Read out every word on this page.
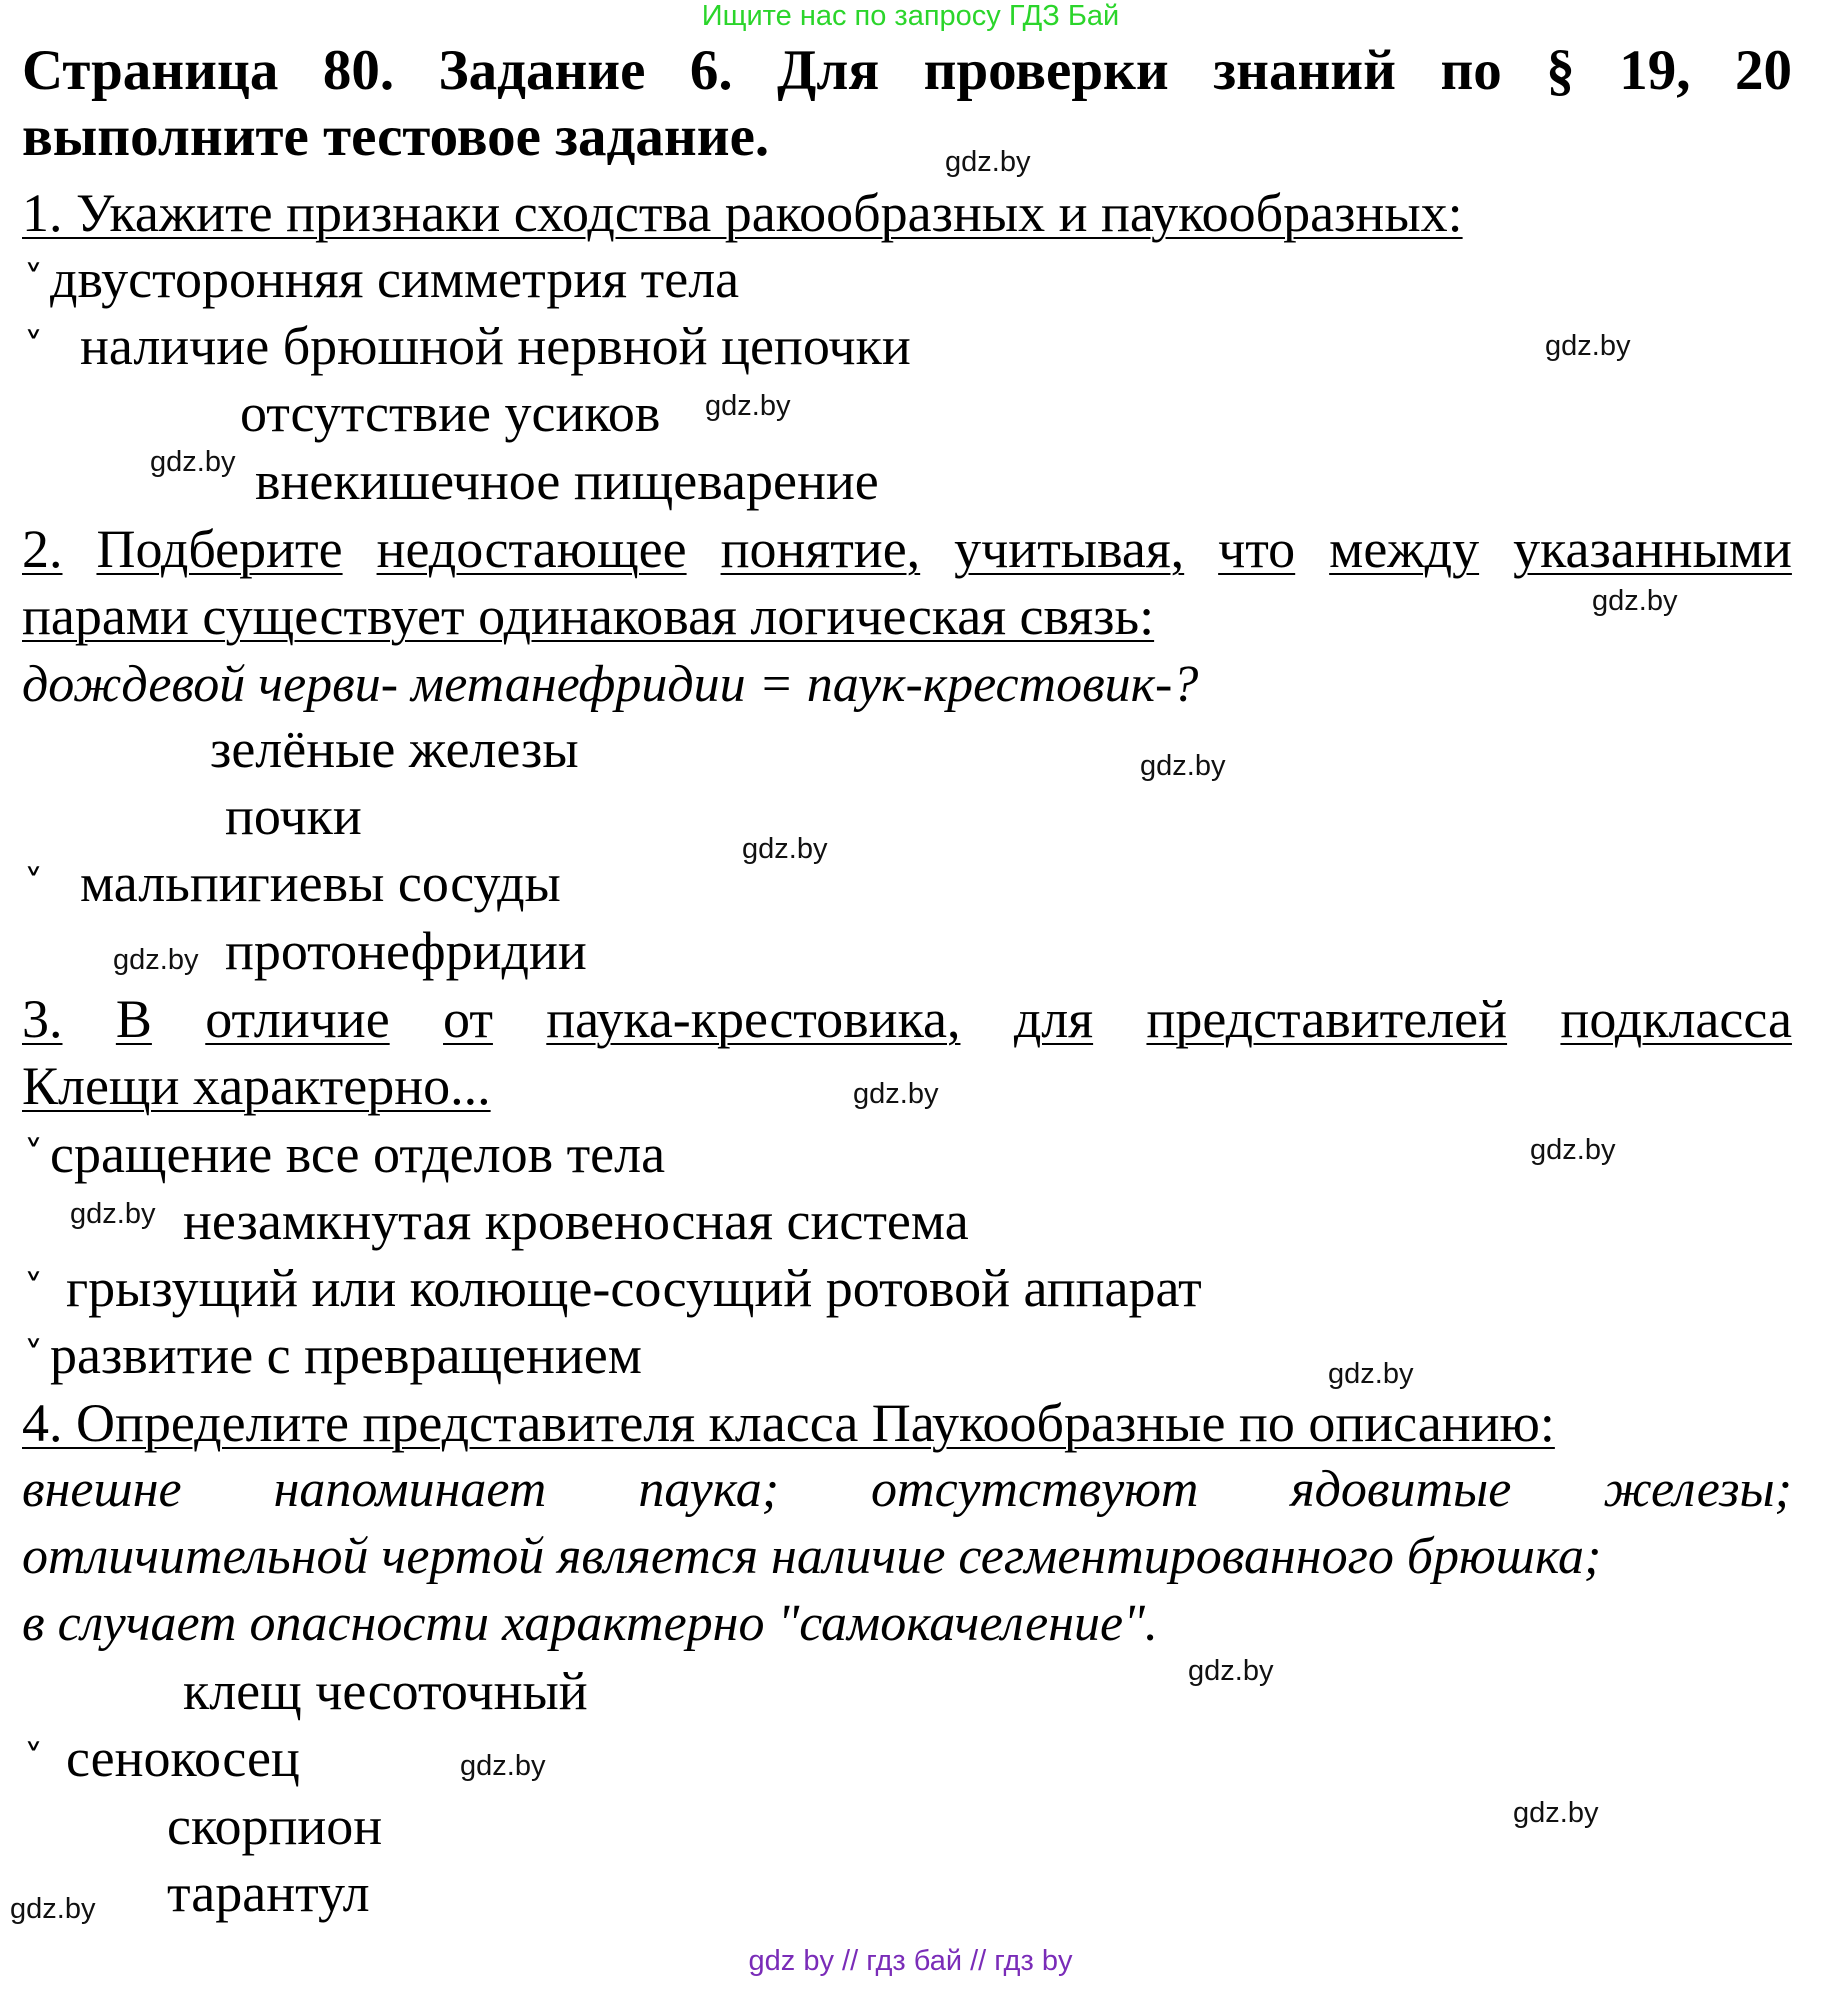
Ищите нас по запросу ГДЗ Бай
Страница 80. Задание 6. Для проверки знаний по § 19, 20
выполните тестовое задание.
1. Укажите признаки сходства ракообразных и паукообразных:
˅ двусторонняя симметрия тела
˅ наличие брюшной нервной цепочки
отсутствие усиков
внекишечное пищеварение
2. Подберите недостающее понятие, учитывая, что между указанными
парами существует одинаковая логическая связь:
дождевой черви- метанефридии = паук-крестовик-?
зелёные железы
почки
˅ мальпигиевы сосуды
протонефридии
3. В отличие от паука-крестовика, для представителей подкласса
Клещи характерно...
˅ сращение все отделов тела
незамкнутая кровеносная система
˅ грызущий или колюще-сосущий ротовой аппарат
˅ развитие с превращением
4. Определите представителя класса Паукообразные по описанию:
внешне напоминает паука; отсутствуют ядовитые железы;
отличительной чертой является наличие сегментированного брюшка;
в случает опасности характерно "самокачеление".
клещ чесоточный
˅ сенокосец
скорпион
тарантул
gdz.by
gdz.by
gdz.by
gdz.by
gdz.by
gdz.by
gdz.by
gdz.by
gdz.by
gdz.by
gdz.by
gdz.by
gdz.by
gdz.by
gdz.by
gdz.by
gdz by // гдз бай // гдз by
